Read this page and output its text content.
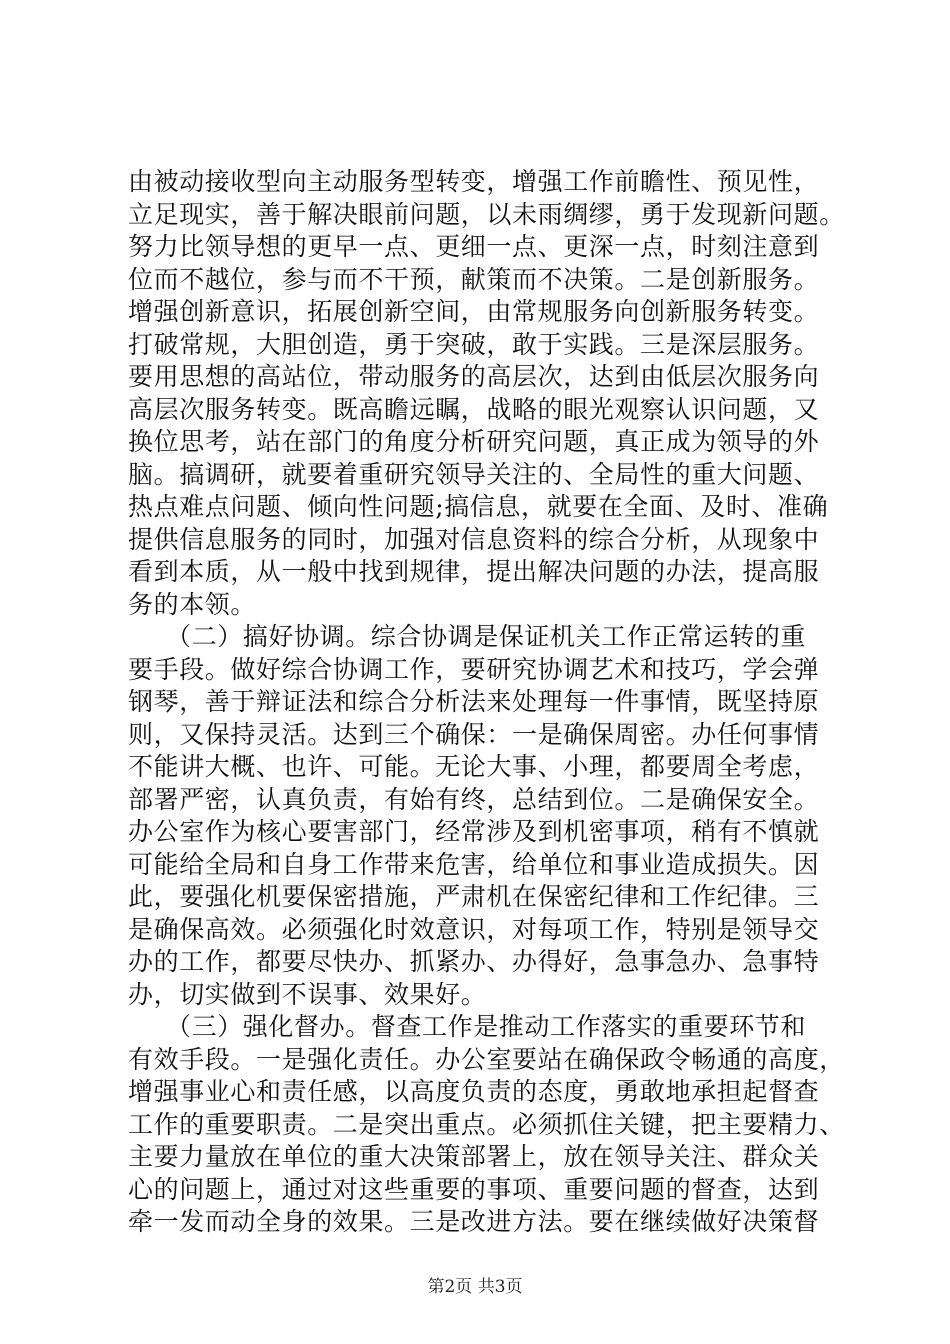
由被动接收型向主动服务型转变，增强工作前瞻性、预见性，
立足现实，善于解决眼前问题，以未雨绸缪，勇于发现新问题。
努力比领导想的更早一点、更细一点、更深一点，时刻注意到
位而不越位，参与而不干预，献策而不决策。二是创新服务。
增强创新意识，拓展创新空间，由常规服务向创新服务转变。
打破常规，大胆创造，勇于突破，敢于实践。三是深层服务。
要用思想的高站位，带动服务的高层次，达到由低层次服务向
高层次服务转变。既高瞻远瞩，战略的眼光观察认识问题，又
换位思考，站在部门的角度分析研究问题，真正成为领导的外
脑。搞调研，就要着重研究领导关注的、全局性的重大问题、
热点难点问题、倾向性问题;搞信息，就要在全面、及时、准确
提供信息服务的同时，加强对信息资料的综合分析，从现象中
看到本质，从一般中找到规律，提出解决问题的办法，提高服
务的本领。
（二）搞好协调。综合协调是保证机关工作正常运转的重
要手段。做好综合协调工作，要研究协调艺术和技巧，学会弹
钢琴，善于辩证法和综合分析法来处理每一件事情，既坚持原
则，又保持灵活。达到三个确保：一是确保周密。办任何事情
不能讲大概、也许、可能。无论大事、小理，都要周全考虑，
部署严密，认真负责，有始有终，总结到位。二是确保安全。
办公室作为核心要害部门，经常涉及到机密事项，稍有不慎就
可能给全局和自身工作带来危害，给单位和事业造成损失。因
此，要强化机要保密措施，严肃机在保密纪律和工作纪律。三
是确保高效。必须强化时效意识，对每项工作，特别是领导交
办的工作，都要尽快办、抓紧办、办得好，急事急办、急事特
办，切实做到不误事、效果好。
（三）强化督办。督查工作是推动工作落实的重要环节和
有效手段。一是强化责任。办公室要站在确保政令畅通的高度，
增强事业心和责任感，以高度负责的态度，勇敢地承担起督查
工作的重要职责。二是突出重点。必须抓住关键，把主要精力、
主要力量放在单位的重大决策部署上，放在领导关注、群众关
心的问题上，通过对这些重要的事项、重要问题的督查，达到
牵一发而动全身的效果。三是改进方法。要在继续做好决策督
第2页 共3页
